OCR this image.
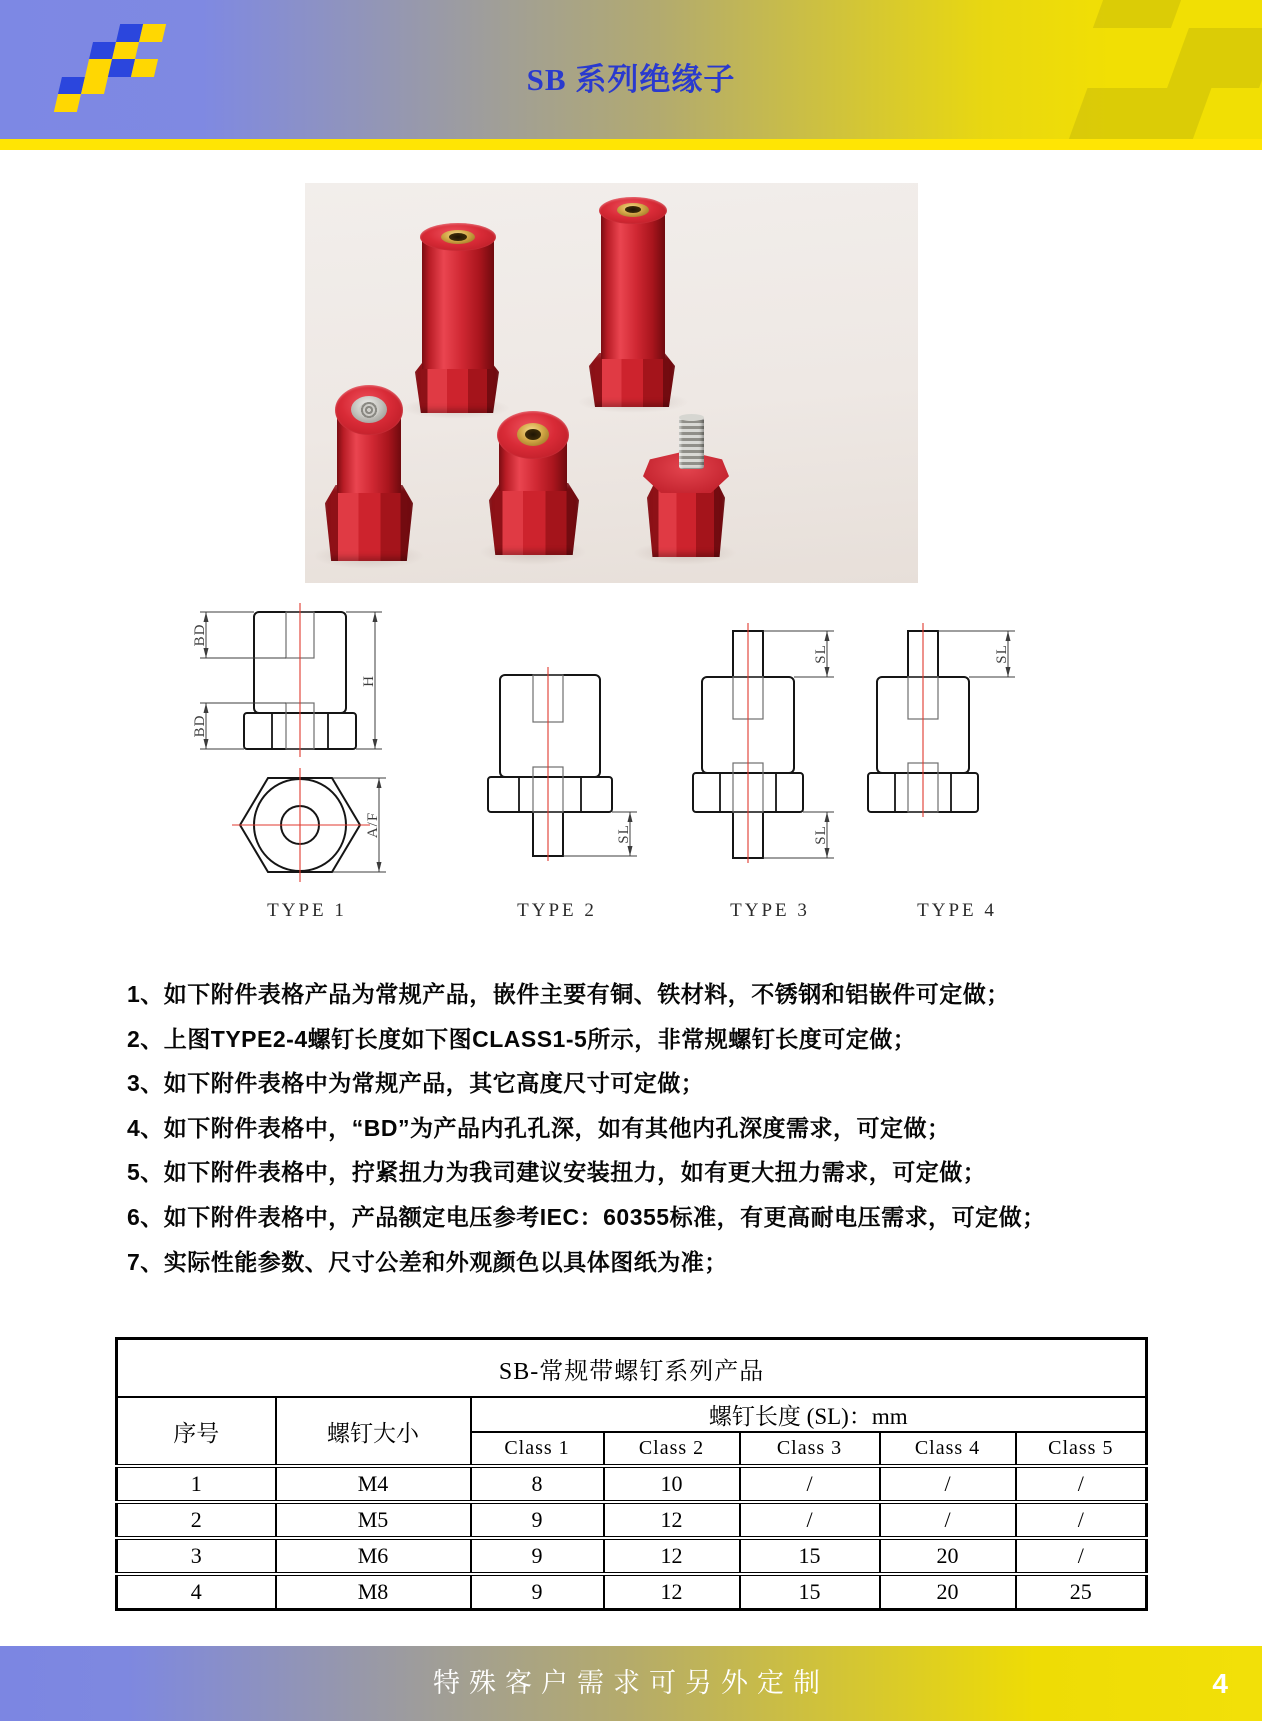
SB 系列绝缘子
H
BD
BD
A/F	SL
SL
SL
SL
TYPE 1	TYPE 2	TYPE 3	TYPE 4
1、如下附件表格产品为常规产品，嵌件主要有铜、铁材料，不锈钢和铝嵌件可定做；
2、上图TYPE2-4螺钉长度如下图CLASS1-5所示，非常规螺钉长度可定做；
3、如下附件表格中为常规产品，其它高度尺寸可定做；
4、如下附件表格中，“BD”为产品内孔孔深，如有其他内孔深度需求，可定做；
5、如下附件表格中，拧紧扭力为我司建议安装扭力，如有更大扭力需求，可定做；
6、如下附件表格中，产品额定电压参考IEC：60355标准，有更高耐电压需求，可定做；
7、实际性能参数、尺寸公差和外观颜色以具体图纸为准；
SB-常规带螺钉系列产品						
序号	螺钉大小	螺钉长度 (SL)：mm				
		Class 1	Class 2	Class 3	Class 4	Class 5
1	M4	8	10	/	/	/
2	M5	9	12	/	/	/
3	M6	9	12	15	20	/
4	M8	9	12	15	20	25
特殊客户需求可另外定制	4
